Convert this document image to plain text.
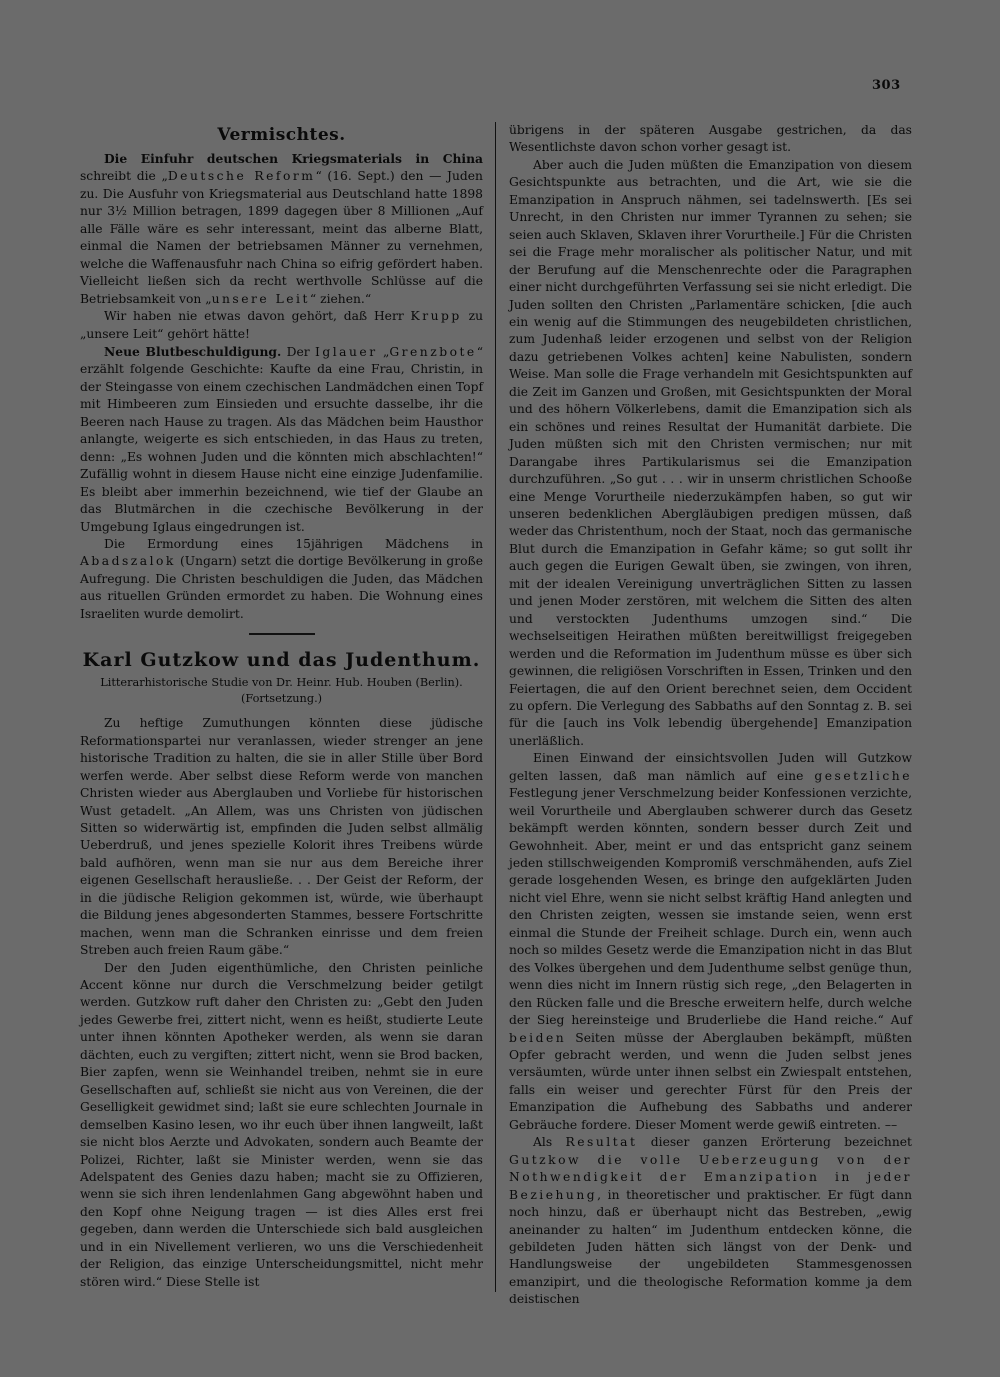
303
Vermischtes.

Die Einfuhr deutschen Kriegsmaterials in China schreibt die „Deutsche Reform“ (16. Sept.) den — Juden zu. Die Ausfuhr von Kriegsmaterial aus Deutschland hatte 1898 nur 3½ Million betragen, 1899 dagegen über 8 Millionen „Auf alle Fälle wäre es sehr interessant, meint das alberne Blatt, einmal die Namen der betriebsamen Männer zu vernehmen, welche die Waffenausfuhr nach China so eifrig gefördert haben. Vielleicht ließen sich da recht werthvolle Schlüsse auf die Betriebsamkeit von „unsere Leit“ ziehen.“

Wir haben nie etwas davon gehört, daß Herr Krupp zu „unsere Leit“ gehört hätte!

Neue Blutbeschuldigung. Der Iglauer „Grenzbote“ erzählt folgende Geschichte: Kaufte da eine Frau, Christin, in der Steingasse von einem czechischen Landmädchen einen Topf mit Himbeeren zum Einsieden und ersuchte dasselbe, ihr die Beeren nach Hause zu tragen. Als das Mädchen beim Hausthor anlangte, weigerte es sich entschieden, in das Haus zu treten, denn: „Es wohnen Juden und die könnten mich abschlachten!“ Zufällig wohnt in diesem Hause nicht eine einzige Judenfamilie. Es bleibt aber immerhin bezeichnend, wie tief der Glaube an das Blutmärchen in die czechische Bevölkerung in der Umgebung Iglaus eingedrungen ist.

Die Ermordung eines 15jährigen Mädchens in Abadszalok (Ungarn) setzt die dortige Bevölkerung in große Aufregung. Die Christen beschuldigen die Juden, das Mädchen aus rituellen Gründen ermordet zu haben. Die Wohnung eines Israeliten wurde demolirt.

Karl Gutzkow und das Judenthum.
Litterarhistorische Studie von Dr. Heinr. Hub. Houben (Berlin).
(Fortsetzung.)

Zu heftige Zumuthungen könnten diese jüdische Reformationspartei nur veranlassen, wieder strenger an jene historische Tradition zu halten, die sie in aller Stille über Bord werfen werde. Aber selbst diese Reform werde von manchen Christen wieder aus Aberglauben und Vorliebe für historischen Wust getadelt. „An Allem, was uns Christen von jüdischen Sitten so widerwärtig ist, empfinden die Juden selbst allmälig Ueberdruß, und jenes spezielle Kolorit ihres Treibens würde bald aufhören, wenn man sie nur aus dem Bereiche ihrer eigenen Gesellschaft herausließe. . . Der Geist der Reform, der in die jüdische Religion gekommen ist, würde, wie überhaupt die Bildung jenes abgesonderten Stammes, bessere Fortschritte machen, wenn man die Schranken einrisse und dem freien Streben auch freien Raum gäbe.“

Der den Juden eigenthümliche, den Christen peinliche Accent könne nur durch die Verschmelzung beider getilgt werden. Gutzkow ruft daher den Christen zu: „Gebt den Juden jedes Gewerbe frei, zittert nicht, wenn es heißt, studierte Leute unter ihnen könnten Apotheker werden, als wenn sie daran dächten, euch zu vergiften; zittert nicht, wenn sie Brod backen, Bier zapfen, wenn sie Weinhandel treiben, nehmt sie in eure Gesellschaften auf, schließt sie nicht aus von Vereinen, die der Geselligkeit gewidmet sind; laßt sie eure schlechten Journale in demselben Kasino lesen, wo ihr euch über ihnen langweilt, laßt sie nicht blos Aerzte und Advokaten, sondern auch Beamte der Polizei, Richter, laßt sie Minister werden, wenn sie das Adelspatent des Genies dazu haben; macht sie zu Offizieren, wenn sie sich ihren lendenlahmen Gang abgewöhnt haben und den Kopf ohne Neigung tragen — ist dies Alles erst frei gegeben, dann werden die Unterschiede sich bald ausgleichen und in ein Nivellement verlieren, wo uns die Verschiedenheit der Religion, das einzige Unterscheidungsmittel, nicht mehr stören wird.“ Diese Stelle ist

übrigens in der späteren Ausgabe gestrichen, da das Wesentlichste davon schon vorher gesagt ist.

Aber auch die Juden müßten die Emanzipation von diesem Gesichtspunkte aus betrachten, und die Art, wie sie die Emanzipation in Anspruch nähmen, sei tadelnswerth. [Es sei Unrecht, in den Christen nur immer Tyrannen zu sehen; sie seien auch Sklaven, Sklaven ihrer Vorurtheile.] Für die Christen sei die Frage mehr moralischer als politischer Natur, und mit der Berufung auf die Menschenrechte oder die Paragraphen einer nicht durchgeführten Verfassung sei sie nicht erledigt. Die Juden sollten den Christen „Parlamentäre schicken, [die auch ein wenig auf die Stimmungen des neugebildeten christlichen, zum Judenhaß leider erzogenen und selbst von der Religion dazu getriebenen Volkes achten] keine Nabulisten, sondern Weise. Man solle die Frage verhandeln mit Gesichtspunkten auf die Zeit im Ganzen und Großen, mit Gesichtspunkten der Moral und des höhern Völkerlebens, damit die Emanzipation sich als ein schönes und reines Resultat der Humanität darbiete. Die Juden müßten sich mit den Christen vermischen; nur mit Darangabe ihres Partikularismus sei die Emanzipation durchzuführen. „So gut . . . wir in unserm christlichen Schooße eine Menge Vorurtheile niederzukämpfen haben, so gut wir unseren bedenklichen Abergläubigen predigen müssen, daß weder das Christenthum, noch der Staat, noch das germanische Blut durch die Emanzipation in Gefahr käme; so gut sollt ihr auch gegen die Eurigen Gewalt üben, sie zwingen, von ihren, mit der idealen Vereinigung unverträglichen Sitten zu lassen und jenen Moder zerstören, mit welchem die Sitten des alten und verstockten Judenthums umzogen sind.“ Die wechselseitigen Heirathen müßten bereitwilligst freigegeben werden und die Reformation im Judenthum müsse es über sich gewinnen, die religiösen Vorschriften in Essen, Trinken und den Feiertagen, die auf den Orient berechnet seien, dem Occident zu opfern. Die Verlegung des Sabbaths auf den Sonntag z. B. sei für die [auch ins Volk lebendig übergehende] Emanzipation unerläßlich.

Einen Einwand der einsichtsvollen Juden will Gutzkow gelten lassen, daß man nämlich auf eine gesetzliche Festlegung jener Verschmelzung beider Konfessionen verzichte, weil Vorurtheile und Aberglauben schwerer durch das Gesetz bekämpft werden könnten, sondern besser durch Zeit und Gewohnheit. Aber, meint er und das entspricht ganz seinem jeden stillschweigenden Kompromiß verschmähenden, aufs Ziel gerade losgehenden Wesen, es bringe den aufgeklärten Juden nicht viel Ehre, wenn sie nicht selbst kräftig Hand anlegten und den Christen zeigten, wessen sie imstande seien, wenn erst einmal die Stunde der Freiheit schlage. Durch ein, wenn auch noch so mildes Gesetz werde die Emanzipation nicht in das Blut des Volkes übergehen und dem Judenthume selbst genüge thun, wenn dies nicht im Innern rüstig sich rege, „den Belagerten in den Rücken falle und die Bresche erweitern helfe, durch welche der Sieg hereinsteige und Bruderliebe die Hand reiche.“ Auf beiden Seiten müsse der Aberglauben bekämpft, müßten Opfer gebracht werden, und wenn die Juden selbst jenes versäumten, würde unter ihnen selbst ein Zwiespalt entstehen, falls ein weiser und gerechter Fürst für den Preis der Emanzipation die Aufhebung des Sabbaths und anderer Gebräuche fordere. Dieser Moment werde gewiß eintreten. ––

Als Resultat dieser ganzen Erörterung bezeichnet Gutzkow die volle Ueberzeugung von der Nothwendigkeit der Emanzipation in jeder Beziehung, in theoretischer und praktischer. Er fügt dann noch hinzu, daß er überhaupt nicht das Bestreben, „ewig aneinander zu halten“ im Judenthum entdecken könne, die gebildeten Juden hätten sich längst von der Denk- und Handlungsweise der ungebildeten Stammesgenossen emanzipirt, und die theologische Reformation komme ja dem deistischen
